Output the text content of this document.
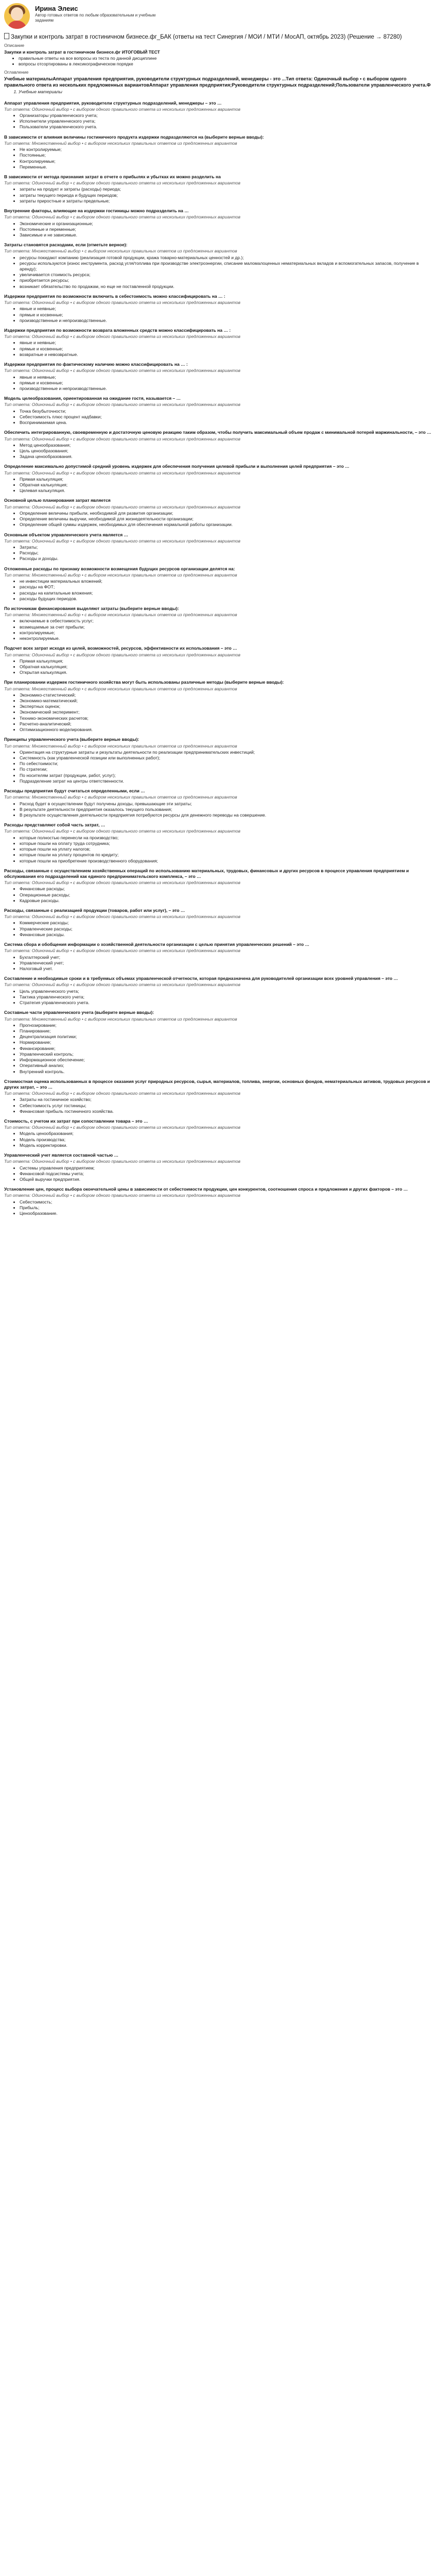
Ирина Элеис
Автор готовых ответов по любым образовательным и учебным заданиям
Закупки и контроль затрат в гостиничном бизнесе.фг_БАК (ответы на тест Синергия / МОИ / МТИ / МосАП, октябрь 2023) (Решение → 87280)
Описание
Закупки и контроль затрат в гостиничном бизнесе.фг ИТОГОВЫЙ ТЕСТ
• правильные ответы на все вопросы из теста по данной дисциплине
• вопросы отсортированы в лексикографическом порядке
Оглавление
Учебные материалыАппарат управления предприятия, руководители структурных подразделений, менеджеры - это ...Тип ответа: Одиночный выбор • с выбором одного правильного ответа из нескольких предложенных вариантовАппарат управления предприятия;Руководители структурных подразделений;Пользователи управленческого учета.Ф
1. Учебные материалы
Аппарат управления предприятия, руководители структурных подразделений, менеджеры – это …
Тип ответа: Одиночный выбор • с выбором одного правильного ответа из нескольких предложенных вариантов
• Организаторы управленческого учета;
• Исполнители управленческого учета;
• Пользователи управленческого учета.
В зависимости от влияния величины гостиничного продукта издержки подразделяются на (выберите верные вводы):
Тип ответа: Множественный выбор • с выбором нескольких правильных ответов из предложенных вариантов
• Не контролируемые;
• Постоянные;
• Контролируемые;
• Переменные.
В зависимости от метода признания затрат в отчете о прибылях и убытках их можно разделить на
Тип ответа: Одиночный выбор • с выбором одного правильного ответа из нескольких предложенных вариантов
• затраты на продукт и затраты (расходы) периода;
• затраты текущего периода и будущих периодов;
• затраты приростные и затраты предельные;
Внутренние факторы, влияющие на издержки гостиницы можно подразделить на …
Тип ответа: Одиночный выбор • с выбором одного правильного ответа из нескольких предложенных вариантов
• Экономические и организационные;
• Постоянные и переменные;
• Зависимые и не зависимые.
Затраты становятся расходами, если (отметьте верное):
Тип ответа: Множественный выбор • с выбором нескольких правильных ответов из предложенных вариантов
• ресурсы покидают компанию (реализация готовой продукции, кража товарно-материальных ценностей и др.);
• ресурсы используются (износ инструмента, расход угля/топлива при производстве электроэнергии, списание маломалоценных нематериальных вкладов и вспомогательных запасов, получение в аренду);
• увеличивается стоимость ресурса;
• приобретается ресурсы;
• возникает обязательство по продажам, но еще не поставленной продукции.
Издержки предприятия по возможности включить в себестоимость можно классифицировать на … :
Тип ответа: Одиночный выбор • с выбором одного правильного ответа из нескольких предложенных вариантов
• явные и неявные;
• прямые и косвенные;
• производственные и непроизводственные.
Издержки предприятия по возможности возврата вложенных средств можно классифицировать на … :
Тип ответа: Одиночный выбор • с выбором одного правильного ответа из нескольких предложенных вариантов
• явные и неявные;
• прямые и косвенные;
• возвратные и невозвратные.
Издержки предприятия по фактическому наличию можно классифицировать на … :
Тип ответа: Одиночный выбор • с выбором одного правильного ответа из нескольких предложенных вариантов
• явные и неявные;
• прямые и косвенные;
• производственные и непроизводственные.
Модель целеобразования, ориентированная на ожидание гостя, называется – …
Тип ответа: Одиночный выбор • с выбором одного правильного ответа из нескольких предложенных вариантов
• Точка безубыточности;
• Себестоимость плюс процент надбавки;
• Воспринимаемая цена.
Обеспечить интегрированную, своевременную и достаточную ценовую реакцию таким образом, чтобы получить максимальный объем продаж с минимальной потерей маржинальности, – это …
Тип ответа: Одиночный выбор • с выбором одного правильного ответа из нескольких предложенных вариантов
• Метод ценообразования;
• Цель ценообразования;
• Задача ценообразования.
Определение максимально допустимой средний уровень издержек для обеспечения получения целевой прибыли и выполнения целей предприятия – это …
Тип ответа: Одиночный выбор • с выбором одного правильного ответа из нескольких предложенных вариантов
• Прямая калькуляция;
• Обратная калькуляция;
• Целевая калькуляция.
Основной целью планирования затрат является
Тип ответа: Одиночный выбор • с выбором одного правильного ответа из нескольких предложенных вариантов
• Определение величины прибыли, необходимой для развития организации;
• Определение величины выручки, необходимой для жизнедеятельности организации;
• Определение общей суммы издержек, необходимых для обеспечения нормальной работы организации.
Основным объектом управленческого учета является …
Тип ответа: Одиночный выбор • с выбором одного правильного ответа из нескольких предложенных вариантов
• Затраты;
• Расходы;
• Расходы и доходы.
Отложенные расходы по признаку возможности возмещения будущих ресурсов организации делятся на:
Тип ответа: Множественный выбор • с выбором нескольких правильных ответов из предложенных вариантов
• не инвестиции материальных вложений;
• расходы на ФОТ;
• расходы на капитальные вложения;
• расходы будущих периодов.
По источникам финансирования выделяют затраты (выберите верные вводы):
Тип ответа: Множественный выбор • с выбором нескольких правильных ответов из предложенных вариантов
• включаемые в себестоимость услуг;
• возмещаемые за счет прибыли;
• контролируемые;
• неконтролируемые.
Подсчет всех затрат исходя из целей, возможностей, ресурсов, эффективности их использования – это …
Тип ответа: Одиночный выбор • с выбором одного правильного ответа из нескольких предложенных вариантов
• Прямая калькуляция;
• Обратная калькуляция;
• Открытая калькуляция.
При планировании издержек гостиничного хозяйства могут быть использованы различные методы (выберите верные вводы):
Тип ответа: Множественный выбор • с выбором нескольких правильных ответов из предложенных вариантов
• Экономико-статистический;
• Экономико-математический;
• Экспертных оценок;
• Экономический эксперимент;
• Технико-экономических расчетов;
• Расчетно-аналитический;
• Оптимизационного моделирования.
Принципы управленческого учета (выберите верные вводы):
Тип ответа: Множественный выбор • с выбором нескольких правильных ответов из предложенных вариантов
• Ориентация на структурные затраты и результаты деятельности по реализации предпринимательских инвестиций;
• Системность (как управленческой позиции или выполненных работ);
• По себестоимости;
• По стратегии;
• По носителям затрат (продукции, работ, услуг);
• Подразделение затрат на центры ответственности.
Расходы предприятия будут считаться определенными, если …
Тип ответа: Множественный выбор • с выбором нескольких правильных ответов из предложенных вариантов
• Расход будет в осуществлении будут получены доходы, превышающие эти затраты;
• В результате деятельности предприятия оказалось текущего пользования;
• В результате осуществления деятельности предприятия потребуются ресурсы для денежного переводы на совершение.
Расходы представляют собой часть затрат, …
Тип ответа: Одиночный выбор • с выбором одного правильного ответа из нескольких предложенных вариантов
• которые полностью перенесли на производство;
• которые пошли на оплату труда сотрудника;
• которые пошли на уплату налогов;
• которые пошли на уплату процентов по кредиту;
• которые пошли на приобретение производственного оборудования;
Расходы, связанные с осуществлением хозяйственных операций по использованию материальных, трудовых, финансовых и других ресурсов в процессе управления предприятием и обслуживания его подразделений как единого предпринимательского комплекса, – это …
Тип ответа: Одиночный выбор • с выбором одного правильного ответа из нескольких предложенных вариантов
• Финансовые расходы;
• Операционные расходы;
• Кадровые расходы.
Расходы, связанные с реализацией продукции (товаров, работ или услуг), – это …
Тип ответа: Одиночный выбор • с выбором одного правильного ответа из нескольких предложенных вариантов
• Коммерческие расходы;
• Управленческие расходы;
• Финансовые расходы.
Система сбора и обобщения информации о хозяйственной деятельности организации с целью принятия управленческих решений – это …
Тип ответа: Одиночный выбор • с выбором одного правильного ответа из нескольких предложенных вариантов
• Бухгалтерский учет;
• Управленческий учет;
• Налоговый учет.
Составление и необходимые сроки и в требуемых объемах управленческой отчетности, которая предназначена для руководителей организации всех уровней управления – это …
Тип ответа: Одиночный выбор • с выбором одного правильного ответа из нескольких предложенных вариантов
• Цель управленческого учета;
• Тактика управленческого учета;
• Стратегия управленческого учета.
Составные части управленческого учета (выберите верные вводы):
Тип ответа: Множественный выбор • с выбором нескольких правильных ответов из предложенных вариантов
• Прогнозирование;
• Планирование;
• Децентрализация политики;
• Нормирование;
• Финансирование;
• Управленческий контроль;
• Информационное обеспечение;
• Оперативный анализ;
• Внутренний контроль.
Стоимостная оценка использованных в процессе оказания услуг природных ресурсов, сырья, материалов, топлива, энергии, основных фондов, нематериальных активов, трудовых ресурсов и других затрат, – это …
Тип ответа: Одиночный выбор • с выбором одного правильного ответа из нескольких предложенных вариантов
• Затраты на гостиничное хозяйство;
• Себестоимость услуг гостиницы;
• Финансовая прибыль гостиничного хозяйства.
Стоимость, с учетом их затрат при сопоставлении товара – это …
Тип ответа: Одиночный выбор • с выбором одного правильного ответа из нескольких предложенных вариантов
• Модель ценообразования;
• Модель производства;
• Модель корректировки.
Управленческий учет является составной частью …
Тип ответа: Одиночный выбор • с выбором одного правильного ответа из нескольких предложенных вариантов
• Системы управления предприятием;
• Финансовой подсистемы учета;
• Общей выручки предприятия.
Установление цен, процесс выбора окончательной цены в зависимости от себестоимости продукции, цен конкурентов, соотношения спроса и предложения и других факторов – это …
Тип ответа: Одиночный выбор • с выбором одного правильного ответа из нескольких предложенных вариантов
• Себестоимость;
• Прибыль;
• Ценообразование.
